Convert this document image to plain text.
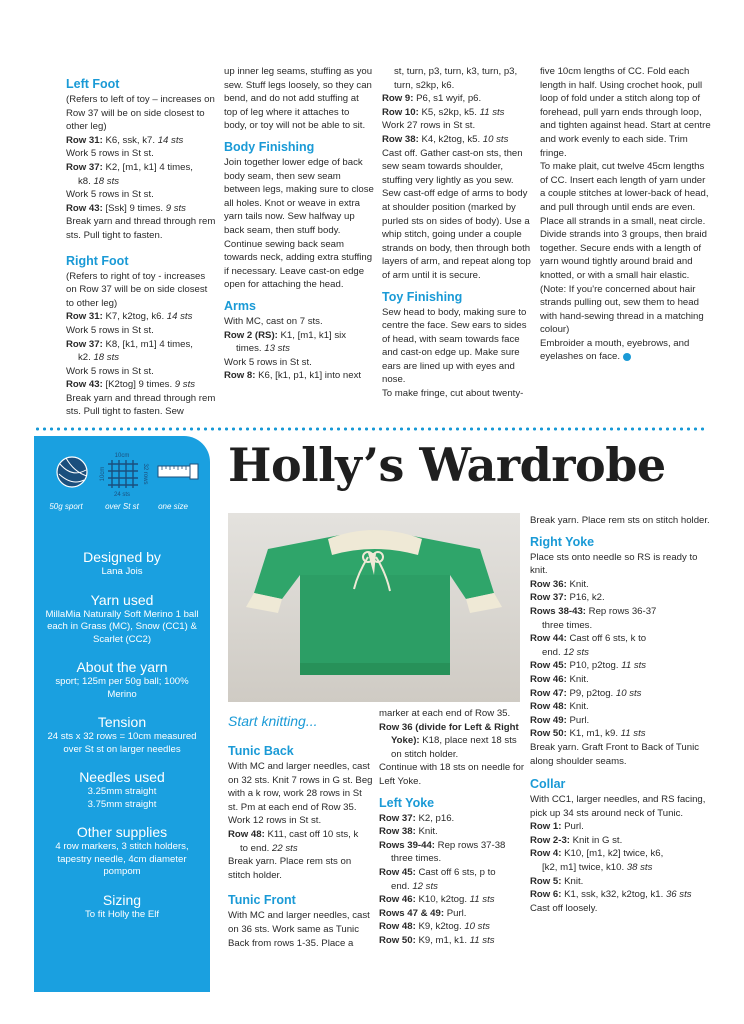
Left Foot

(Refers to left of toy – increases on Row 37 will be on side closest to other leg)

Row 31: K6, ssk, k7. 14 sts

Work 5 rows in St st.

Row 37: K2, [m1, k1] 4 times,

k8. 18 sts

Work 5 rows in St st.

Row 43: [Ssk] 9 times. 9 sts

Break yarn and thread through rem sts. Pull tight to fasten.

Right Foot

(Refers to right of toy - increases on Row 37 will be on side closest to other leg)

Row 31: K7, k2tog, k6. 14 sts

Work 5 rows in St st.

Row 37: K8, [k1, m1] 4 times,

k2. 18 sts

Work 5 rows in St st.

Row 43: [K2tog] 9 times. 9 sts

Break yarn and thread through rem sts. Pull tight to fasten. Sew

up inner leg seams, stuffing as you sew. Stuff legs loosely, so they can bend, and do not add stuffing at top of leg where it attaches to body, or toy will not be able to sit.

Body Finishing

Join together lower edge of back body seam, then sew seam between legs, making sure to close all holes. Knot or weave in extra yarn tails now. Sew halfway up back seam, then stuff body. Continue sewing back seam towards neck, adding extra stuffing if necessary. Leave cast-on edge open for attaching the head.

Arms

With MC, cast on 7 sts.

Row 2 (RS): K1, [m1, k1] six

times. 13 sts

Work 5 rows in St st.

Row 8: K6, [k1, p1, k1] into next

st, turn, p3, turn, k3, turn, p3, turn, s2kp, k6.

Row 9: P6, s1 wyif, p6.

Row 10: K5, s2kp, k5. 11 sts

Work 27 rows in St st.

Row 38: K4, k2tog, k5. 10 sts

Cast off. Gather cast-on sts, then sew seam towards shoulder, stuffing very lightly as you sew. Sew cast-off edge of arms to body at shoulder position (marked by purled sts on sides of body). Use a whip stitch, going under a couple strands on body, then through both layers of arm, and repeat along top of arm until it is secure.

Toy Finishing

Sew head to body, making sure to centre the face. Sew ears to sides of head, with seam towards face and cast-on edge up. Make sure ears are lined up with eyes and nose.

To make fringe, cut about twenty-

five 10cm lengths of CC. Fold each length in half. Using crochet hook, pull loop of fold under a stitch along top of forehead, pull yarn ends through loop, and tighten against head. Start at centre and work evenly to each side. Trim fringe.

To make plait, cut twelve 45cm lengths of CC. Insert each length of yarn under a couple stitches at lower-back of head, and pull through until ends are even. Place all strands in a small, neat circle. Divide strands into 3 groups, then braid together. Secure ends with a length of yarn wound tightly around braid and knotted, or with a small hair elastic. (Note: If you're concerned about hair strands pulling out, sew them to head with hand-sewing thread in a matching colour)

Embroider a mouth, eyebrows, and eyelashes on face.

10cm
10cm	32 rows
24 sts
50g sport	over St st one size
Designed by
Lana Jois
Yarn used
MillaMia Naturally Soft Merino 1 ball each in Grass (MC), Snow (CC1) & Scarlet (CC2)
About the yarn
sport; 125m per 50g ball; 100% Merino
Tension
24 sts x 32 rows = 10cm measured over St st on larger needles
Needles used
3.25mm straight
3.75mm straight
Other supplies
4 row markers, 3 stitch holders, tapestry needle, 4cm diameter pompom
Sizing
To fit Holly the Elf
Holly’s Wardrobe
Start knitting...
Tunic Back

With MC and larger needles, cast on 32 sts. Knit 7 rows in G st. Beg with a k row, work 28 rows in St st. Pm at each end of Row 35. Work 12 rows in St st.

Row 48: K11, cast off 10 sts, k

to end. 22 sts

Break yarn. Place rem sts on stitch holder.

Tunic Front

With MC and larger needles, cast on 36 sts. Work same as Tunic Back from rows 1-35. Place a

marker at each end of Row 35.

Row 36 (divide for Left & Right

Yoke): K18, place next 18 sts

on stitch holder.

Continue with 18 sts on needle for Left Yoke.

Left Yoke

Row 37: K2, p16.

Row 38: Knit.

Rows 39-44: Rep rows 37-38

three times.

Row 45: Cast off 6 sts, p to

end. 12 sts

Row 46: K10, k2tog. 11 sts

Rows 47 & 49: Purl.

Row 48: K9, k2tog. 10 sts

Row 50: K9, m1, k1. 11 sts

Break yarn. Place rem sts on stitch holder.

Right Yoke

Place sts onto needle so RS is ready to knit.

Row 36: Knit.

Row 37: P16, k2.

Rows 38-43: Rep rows 36-37

three times.

Row 44: Cast off 6 sts, k to

end. 12 sts

Row 45: P10, p2tog. 11 sts

Row 46: Knit.

Row 47: P9, p2tog. 10 sts

Row 48: Knit.

Row 49: Purl.

Row 50: K1, m1, k9. 11 sts

Break yarn. Graft Front to Back of Tunic along shoulder seams.

Collar

With CC1, larger needles, and RS facing, pick up 34 sts around neck of Tunic.

Row 1: Purl.

Row 2-3: Knit in G st.

Row 4: K10, [m1, k2] twice, k6,

[k2, m1] twice, k10. 38 sts

Row 5: Knit.

Row 6: K1, ssk, k32, k2tog, k1. 36 sts

Cast off loosely.
